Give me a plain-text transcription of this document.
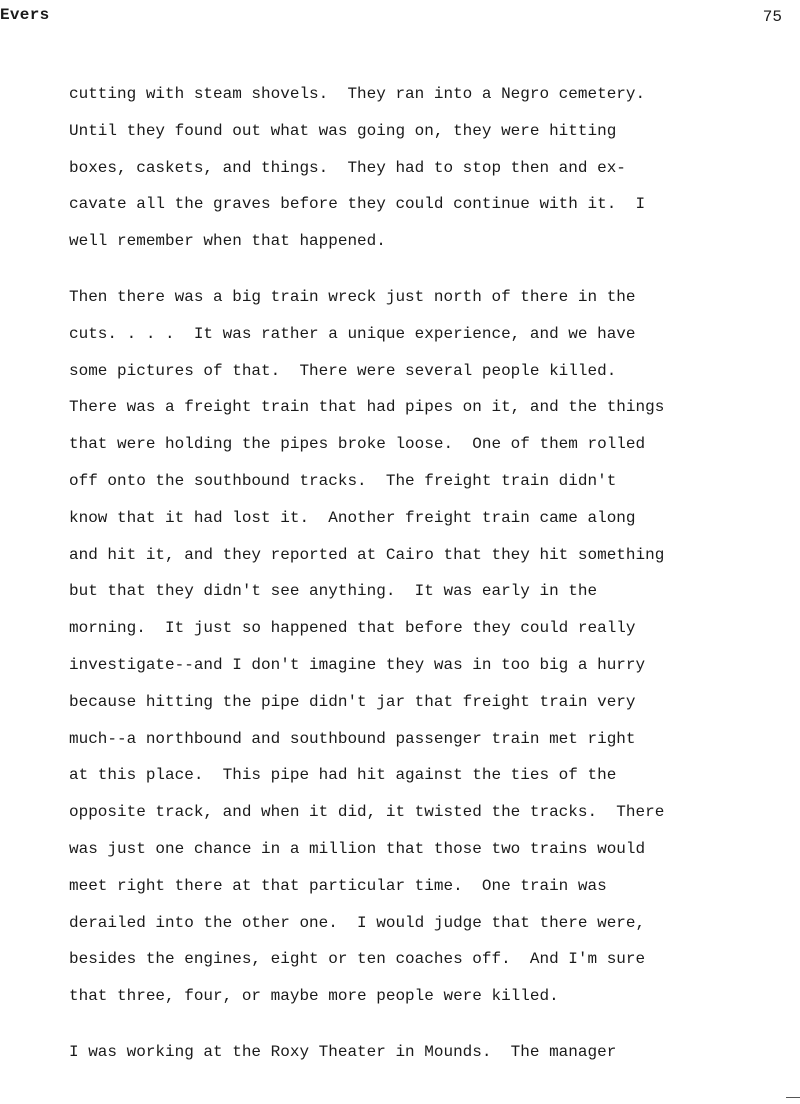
Evers	75
cutting with steam shovels.  They ran into a Negro cemetery.
Until they found out what was going on, they were hitting
boxes, caskets, and things.  They had to stop then and ex-
cavate all the graves before they could continue with it.  I
well remember when that happened.
Then there was a big train wreck just north of there in the
cuts. . . .  It was rather a unique experience, and we have
some pictures of that.  There were several people killed.
There was a freight train that had pipes on it, and the things
that were holding the pipes broke loose.  One of them rolled
off onto the southbound tracks.  The freight train didn't
know that it had lost it.  Another freight train came along
and hit it, and they reported at Cairo that they hit something
but that they didn't see anything.  It was early in the
morning.  It just so happened that before they could really
investigate--and I don't imagine they was in too big a hurry
because hitting the pipe didn't jar that freight train very
much--a northbound and southbound passenger train met right
at this place.  This pipe had hit against the ties of the
opposite track, and when it did, it twisted the tracks.  There
was just one chance in a million that those two trains would
meet right there at that particular time.  One train was
derailed into the other one.  I would judge that there were,
besides the engines, eight or ten coaches off.  And I'm sure
that three, four, or maybe more people were killed.
I was working at the Roxy Theater in Mounds.  The manager
